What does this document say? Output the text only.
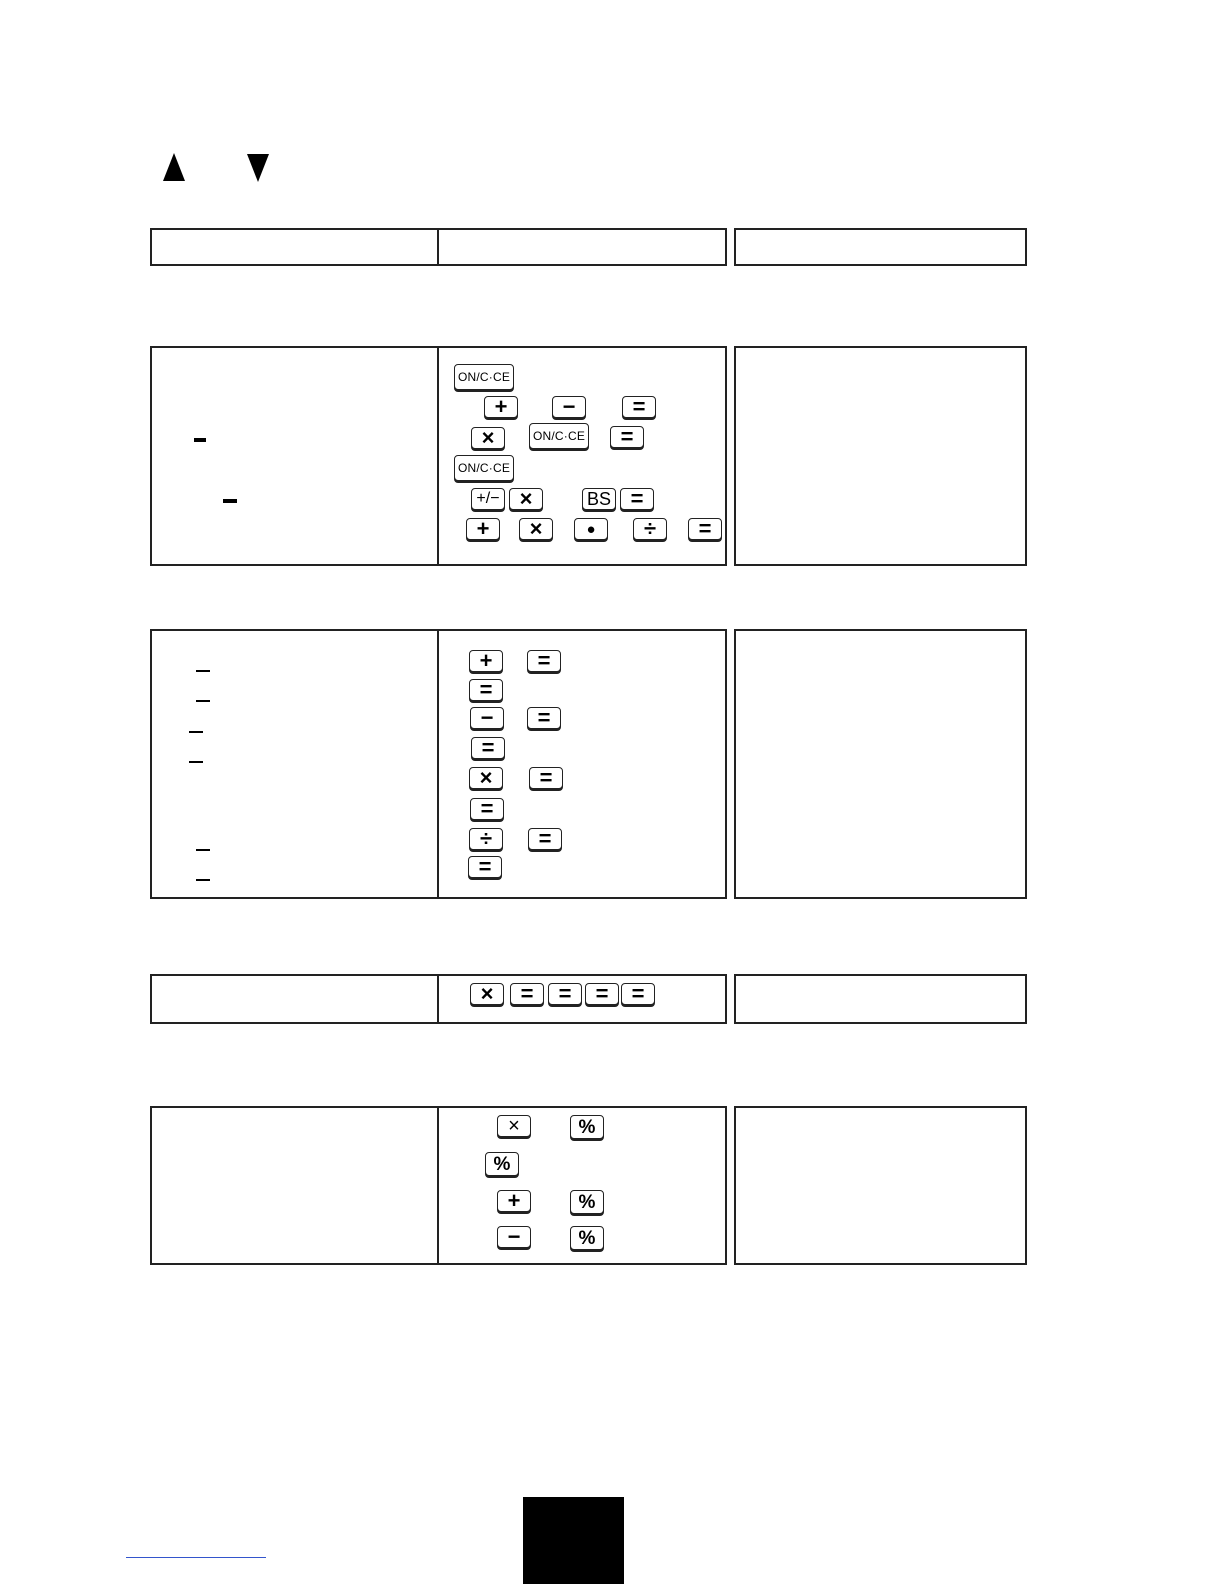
ON/C·CE
+	−	=
×	ON/C·CE =
ON/C·CE
+/− ×	BS =
+ ×	● ÷ =
+ =
=
− =
=
× =
=
÷ =
=
× = = = =
×	%
%
+	%
−	%
